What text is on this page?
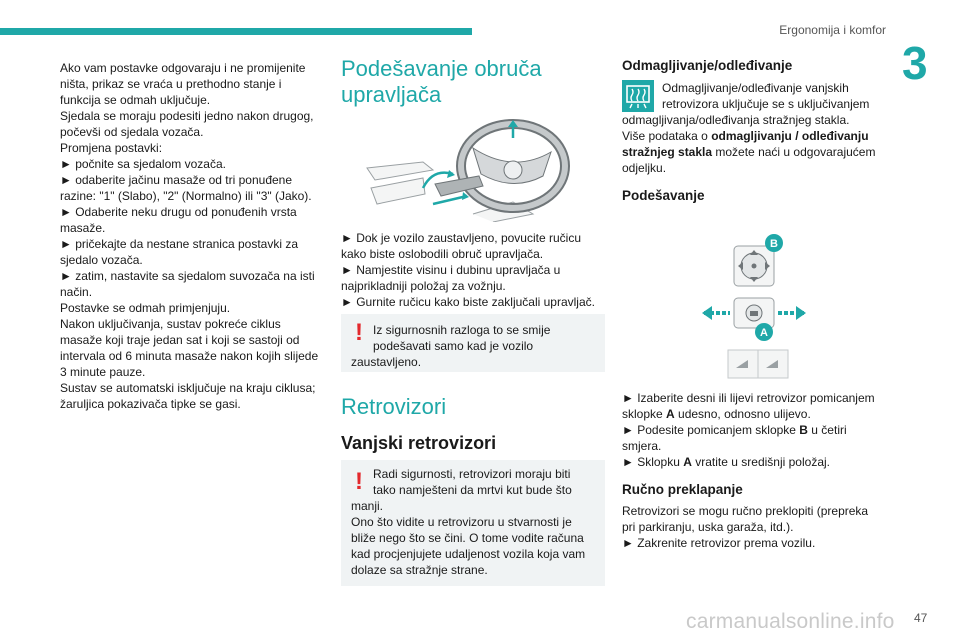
Ergonomija i komfor
3

Ako vam postavke odgovaraju i ne promijenite

ništa, prikaz se vraća u prethodno stanje i

funkcija se odmah uključuje.

Sjedala se moraju podesiti jedno nakon drugog,

počevši od sjedala vozača.

Promjena postavki:

► počnite sa sjedalom vozača.

► odaberite jačinu masaže od tri ponuđene

razine: "1" (Slabo), "2" (Normalno) ili "3" (Jako).

► Odaberite neku drugu od ponuđenih vrsta

masaže.

► pričekajte da nestane stranica postavki za

sjedalo vozača.

► zatim, nastavite sa sjedalom suvozača na isti

način.

Postavke se odmah primjenjuju.

Nakon uključivanja, sustav pokreće ciklus

masaže koji traje jedan sat i koji se sastoji od

intervala od 6 minuta masaže nakon kojih slijede

3 minute pauze.

Sustav se automatski isključuje na kraju ciklusa;

žaruljica pokazivača tipke se gasi.

Podešavanje obruča
upravljača

► Dok je vozilo zaustavljeno, povucite ručicu

kako biste oslobodili obruč upravljača.

► Namjestite visinu i dubinu upravljača u

najprikladniji položaj za vožnju.

► Gurnite ručicu kako biste zaključali upravljač.

! Iz sigurnosnih razloga to se smije

podešavati samo kad je vozilo

zaustavljeno.

Retrovizori
Vanjski retrovizori
! Radi sigurnosti, retrovizori moraju biti

tako namješteni da mrtvi kut bude što

manji.

Ono što vidite u retrovizoru u stvarnosti je

bliže nego što se čini. O tome vodite računa

kad procjenjujete udaljenost vozila koja vam

dolaze sa stražnje strane.

Odmagljivanje/odleđivanje

Odmagljivanje/odleđivanje vanjskih

retrovizora uključuje se s uključivanjem

odmagljivanja/odleđivanja stražnjeg stakla.

Više podataka o odmagljivanju / odleđivanju

stražnjeg stakla možete naći u odgovarajućem

odjeljku.

Podešavanje
B
A

► Izaberite desni ili lijevi retrovizor pomicanjem

sklopke A udesno, odnosno ulijevo.

► Podesite pomicanjem sklopke B u četiri

smjera.

► Sklopku A vratite u središnji položaj.

Ručno preklapanje

Retrovizori se mogu ručno preklopiti (prepreka

pri parkiranju, uska garaža, itd.).

► Zakrenite retrovizor prema vozilu.

carmanualsonline.info 47
